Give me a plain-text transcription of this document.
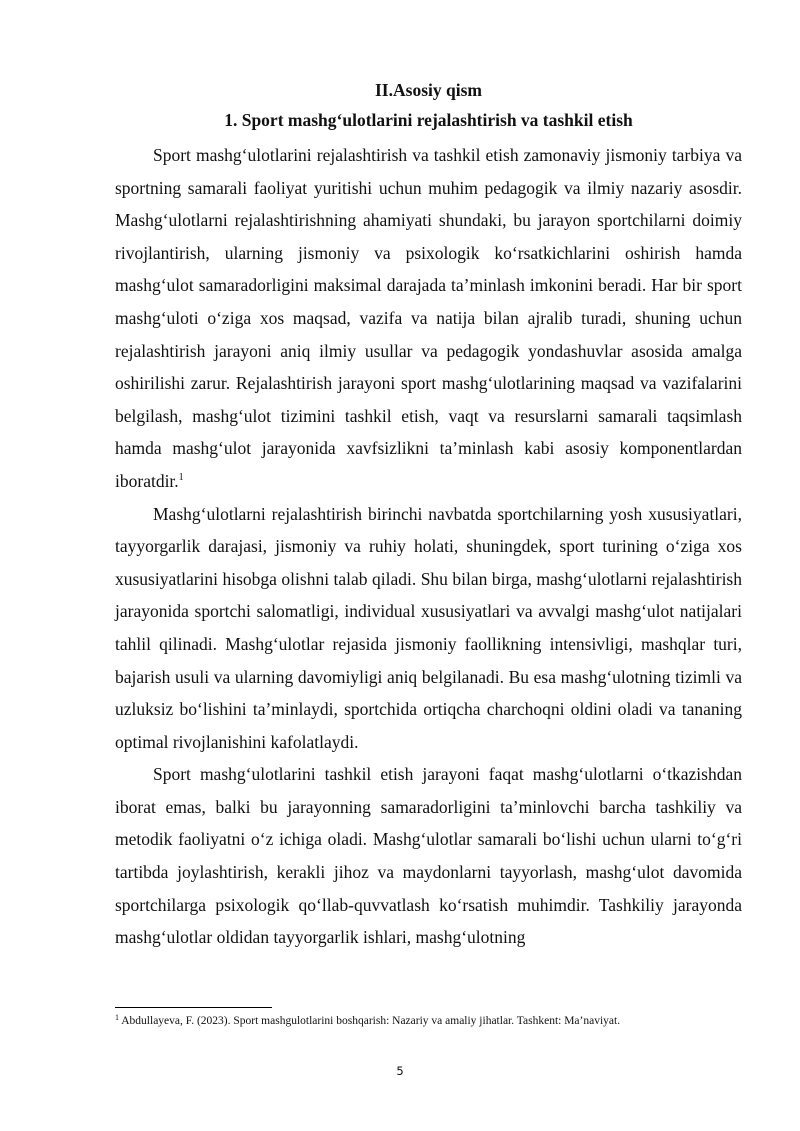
II.Asosiy qism
1. Sport mashg‘ulotlarini rejalashtirish va tashkil etish

Sport mashg‘ulotlarini rejalashtirish va tashkil etish zamonaviy jismoniy tarbiya va sportning samarali faoliyat yuritishi uchun muhim pedagogik va ilmiy nazariy asosdir. Mashg‘ulotlarni rejalashtirishning ahamiyati shundaki, bu jarayon sportchilarni doimiy rivojlantirish, ularning jismoniy va psixologik ko‘rsatkichlarini oshirish hamda mashg‘ulot samaradorligini maksimal darajada ta’minlash imkonini beradi. Har bir sport mashg‘uloti o‘ziga xos maqsad, vazifa va natija bilan ajralib turadi, shuning uchun rejalashtirish jarayoni aniq ilmiy usullar va pedagogik yondashuvlar asosida amalga oshirilishi zarur. Rejalashtirish jarayoni sport mashg‘ulotlarining maqsad va vazifalarini belgilash, mashg‘ulot tizimini tashkil etish, vaqt va resurslarni samarali taqsimlash hamda mashg‘ulot jarayonida xavfsizlikni ta’minlash kabi asosiy komponentlardan iboratdir.$^1$

Mashg‘ulotlarni rejalashtirish birinchi navbatda sportchilarning yosh xususiyatlari, tayyorgarlik darajasi, jismoniy va ruhiy holati, shuningdek, sport turining o‘ziga xos xususiyatlarini hisobga olishni talab qiladi. Shu bilan birga, mashg‘ulotlarni rejalashtirish jarayonida sportchi salomatligi, individual xususiyatlari va avvalgi mashg‘ulot natijalari tahlil qilinadi. Mashg‘ulotlar rejasida jismoniy faollikning intensivligi, mashqlar turi, bajarish usuli va ularning davomiyligi aniq belgilanadi. Bu esa mashg‘ulotning tizimli va uzluksiz bo‘lishini ta’minlaydi, sportchida ortiqcha charchoqni oldini oladi va tananing optimal rivojlanishini kafolatlaydi.

Sport mashg‘ulotlarini tashkil etish jarayoni faqat mashg‘ulotlarni o‘tkazishdan iborat emas, balki bu jarayonning samaradorligini ta’minlovchi barcha tashkiliy va metodik faoliyatni o‘z ichiga oladi. Mashg‘ulotlar samarali bo‘lishi uchun ularni to‘g‘ri tartibda joylashtirish, kerakli jihoz va maydonlarni tayyorlash, mashg‘ulot davomida sportchilarga psixologik qo‘llab-quvvatlash ko‘rsatish muhimdir. Tashkiliy jarayonda mashg‘ulotlar oldidan tayyorgarlik ishlari, mashg‘ulotning

$^1$ Abdullayeva, F. (2023). Sport mashgulotlarini boshqarish: Nazariy va amaliy jihatlar. Tashkent: Ma’naviyat.
5
